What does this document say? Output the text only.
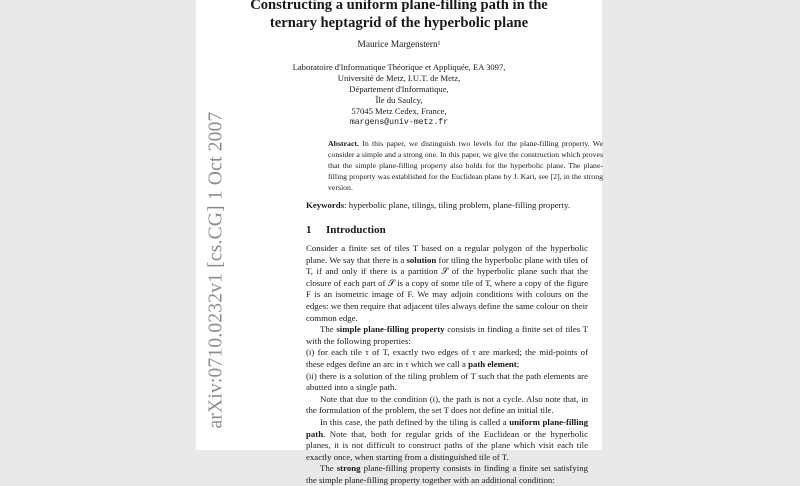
arXiv:0710.0232v1 [cs.CG] 1 Oct 2007
Constructing a uniform plane-filling path in the
ternary heptagrid of the hyperbolic plane
Maurice Margenstern¹
Laboratoire d'Informatique Théorique et Appliquée, EA 3097,
Université de Metz, I.U.T. de Metz,
Département d'Informatique,
Île du Saulcy,
57045 Metz Cedex, France,
margens@univ-metz.fr
Abstract. In this paper, we distinguish two levels for the plane-filling property. We consider a simple and a strong one. In this paper, we give the construction which proves that the simple plane-filling property also holds for the hyperbolic plane. The plane-filling property was established for the Euclidean plane by J. Kari, see [2], in the strong version.
Keywords: hyperbolic plane, tilings, tiling problem, plane-filling property.
1 Introduction

Consider a finite set of tiles T based on a regular polygon of the hyperbolic plane. We say that there is a solution for tiling the hyperbolic plane with tiles of T, if and only if there is a partition 𝒮 of the hyperbolic plane such that the closure of each part of 𝒮 is a copy of some tile of T, where a copy of the figure F is an isometric image of F. We may adjoin conditions with colours on the edges: we then require that adjacent tiles always define the same colour on their common edge.

The simple plane-filling property consists in finding a finite set of tiles T with the following properties:

(i) for each tile τ of T, exactly two edges of τ are marked; the mid-points of these edges define an arc in τ which we call a path element;

(ii) there is a solution of the tiling problem of T such that the path elements are abutted into a single path.

Note that due to the condition (i), the path is not a cycle. Also note that, in the formulation of the problem, the set T does not define an initial tile.

In this case, the path defined by the tiling is called a uniform plane-filling path. Note that, both for regular grids of the Euclidean or the hyperbolic planes, it is not difficult to construct paths of the plane which visit each tile exactly once, when starting from a distinguished tile of T.

The strong plane-filling property consists in finding a finite set satisfying the simple plane-filling property together with an additional condition:
